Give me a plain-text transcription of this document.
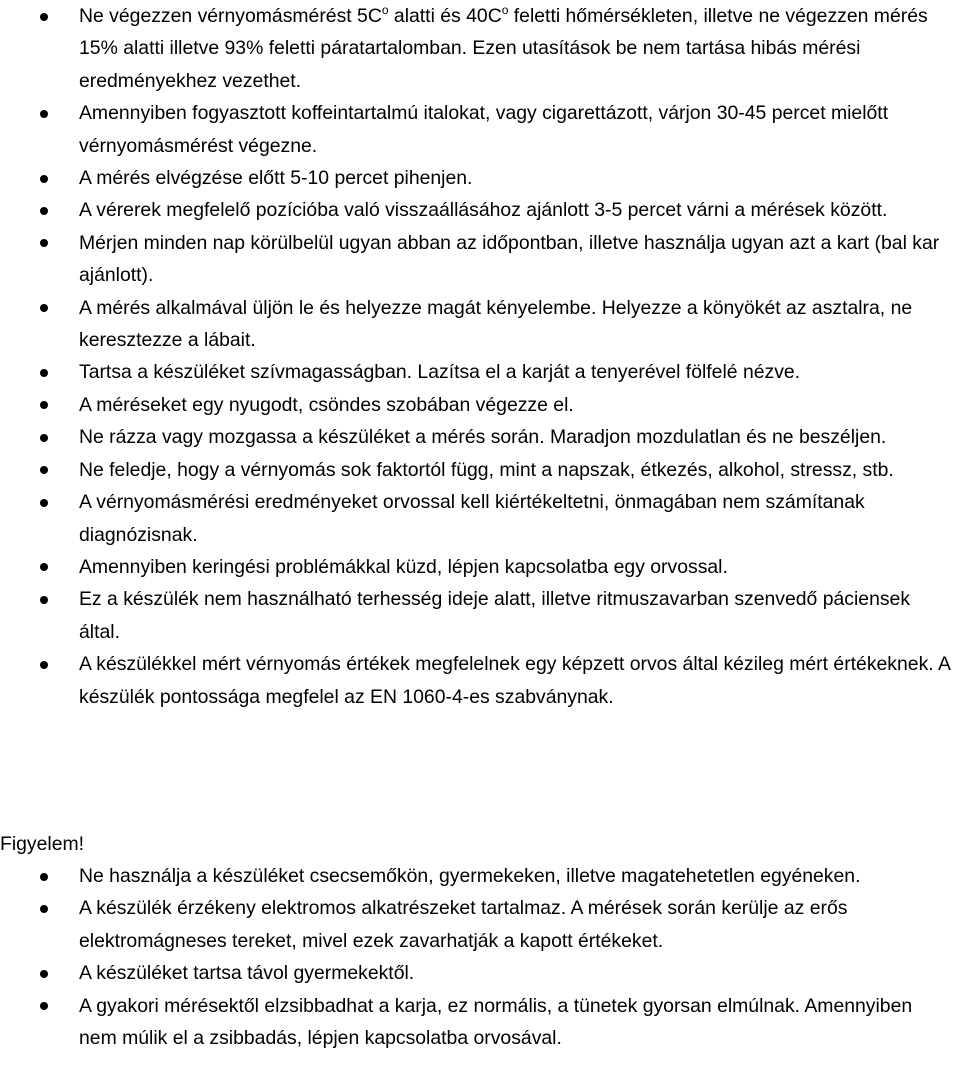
Ne végezzen vérnyomásmérést $5C^o$ alatti és $40C^o$ feletti hőmérsékleten, illetve ne végezzen mérés 15% alatti illetve 93% feletti páratartalomban. Ezen utasítások be nem tartása hibás mérési eredményekhez vezethet.
Amennyiben fogyasztott koffeintartalmú italokat, vagy cigarettázott, várjon 30-45 percet mielőtt vérnyomásmérést végezne.
A mérés elvégzése előtt 5-10 percet pihenjen.
A vérerek megfelelő pozícióba való visszaállásához ajánlott 3-5 percet várni a mérések között.
Mérjen minden nap körülbelül ugyan abban az időpontban, illetve használja ugyan azt a kart (bal kar ajánlott).
A mérés alkalmával üljön le és helyezze magát kényelembe. Helyezze a könyökét az asztalra, ne keresztezze a lábait.
Tartsa a készüléket szívmagasságban. Lazítsa el a karját a tenyerével fölfelé nézve.
A méréseket egy nyugodt, csöndes szobában végezze el.
Ne rázza vagy mozgassa a készüléket a mérés során. Maradjon mozdulatlan és ne beszéljen.
Ne feledje, hogy a vérnyomás sok faktortól függ, mint a napszak, étkezés, alkohol, stressz, stb.
A vérnyomásmérési eredményeket orvossal kell kiértékeltetni, önmagában nem számítanak diagnózisnak.
Amennyiben keringési problémákkal küzd, lépjen kapcsolatba egy orvossal.
Ez a készülék nem használható terhesség ideje alatt, illetve ritmuszavarban szenvedő páciensek által.
A készülékkel mért vérnyomás értékek megfelelnek egy képzett orvos által kézileg mért értékeknek. A készülék pontossága megfelel az EN 1060-4-es szabványnak.

Figyelem!

Ne használja a készüléket csecsemőkön, gyermekeken, illetve magatehetetlen egyéneken.
A készülék érzékeny elektromos alkatrészeket tartalmaz. A mérések során kerülje az erős elektromágneses tereket, mivel ezek zavarhatják a kapott értékeket.
A készüléket tartsa távol gyermekektől.
A gyakori mérésektől elzsibbadhat a karja, ez normális, a tünetek gyorsan elmúlnak. Amennyiben nem múlik el a zsibbadás, lépjen kapcsolatba orvosával.
